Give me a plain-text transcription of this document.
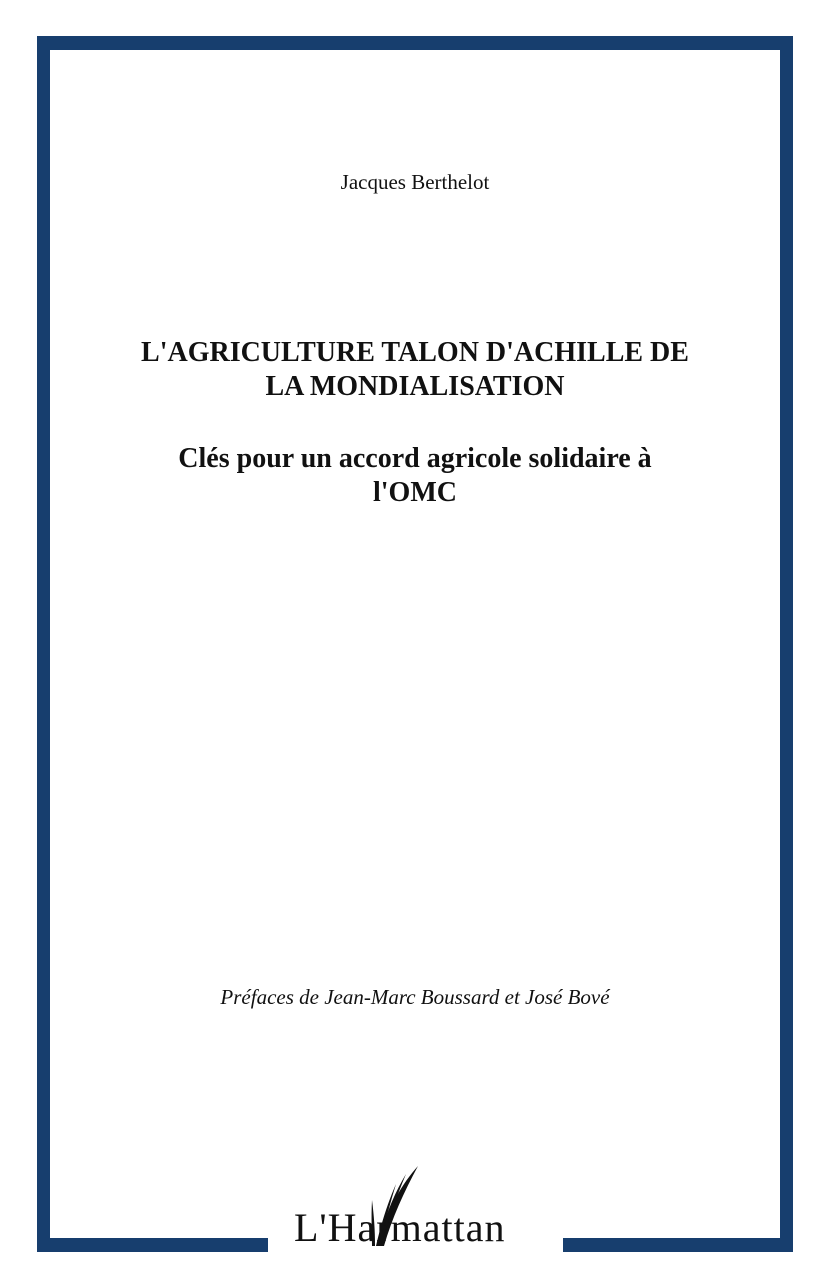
Jacques Berthelot
L'AGRICULTURE TALON D'ACHILLE DE
LA MONDIALISATION
Clés pour un accord agricole solidaire à
l'OMC
Préfaces de Jean-Marc Boussard et José Bové
L'Harmattan
